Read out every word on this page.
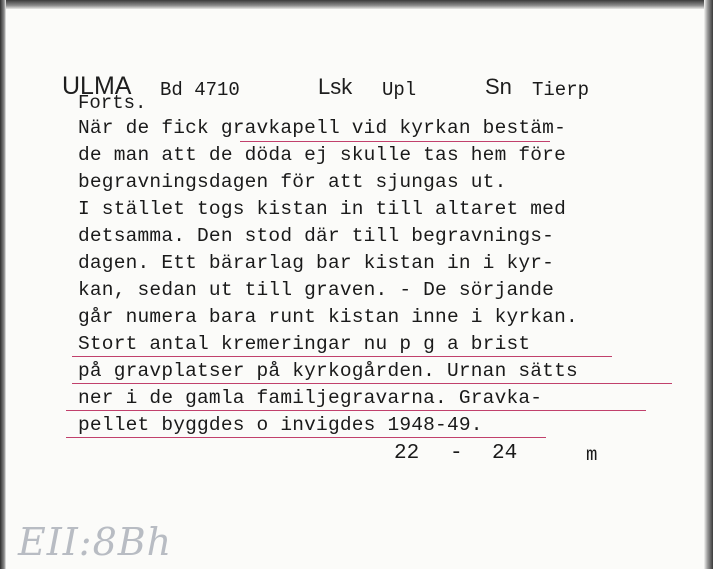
ULMA Bd 4710	Lsk Upl	Sn Tierp
Forts.
När de fick gravkapell vid kyrkan bestäm-
de man att de döda ej skulle tas hem före
begravningsdagen för att sjungas ut.
I stället togs kistan in till altaret med
detsamma. Den stod där till begravnings-
dagen. Ett bärarlag bar kistan in i kyr-
kan, sedan ut till graven. - De sörjande
går numera bara runt kistan inne i kyrkan.
Stort antal kremeringar nu p g a brist
på gravplatser på kyrkogården. Urnan sätts
ner i de gamla familjegravarna. Gravka-
pellet byggdes o invigdes 1948-49.
22 - 24	m
EII:8Bh
